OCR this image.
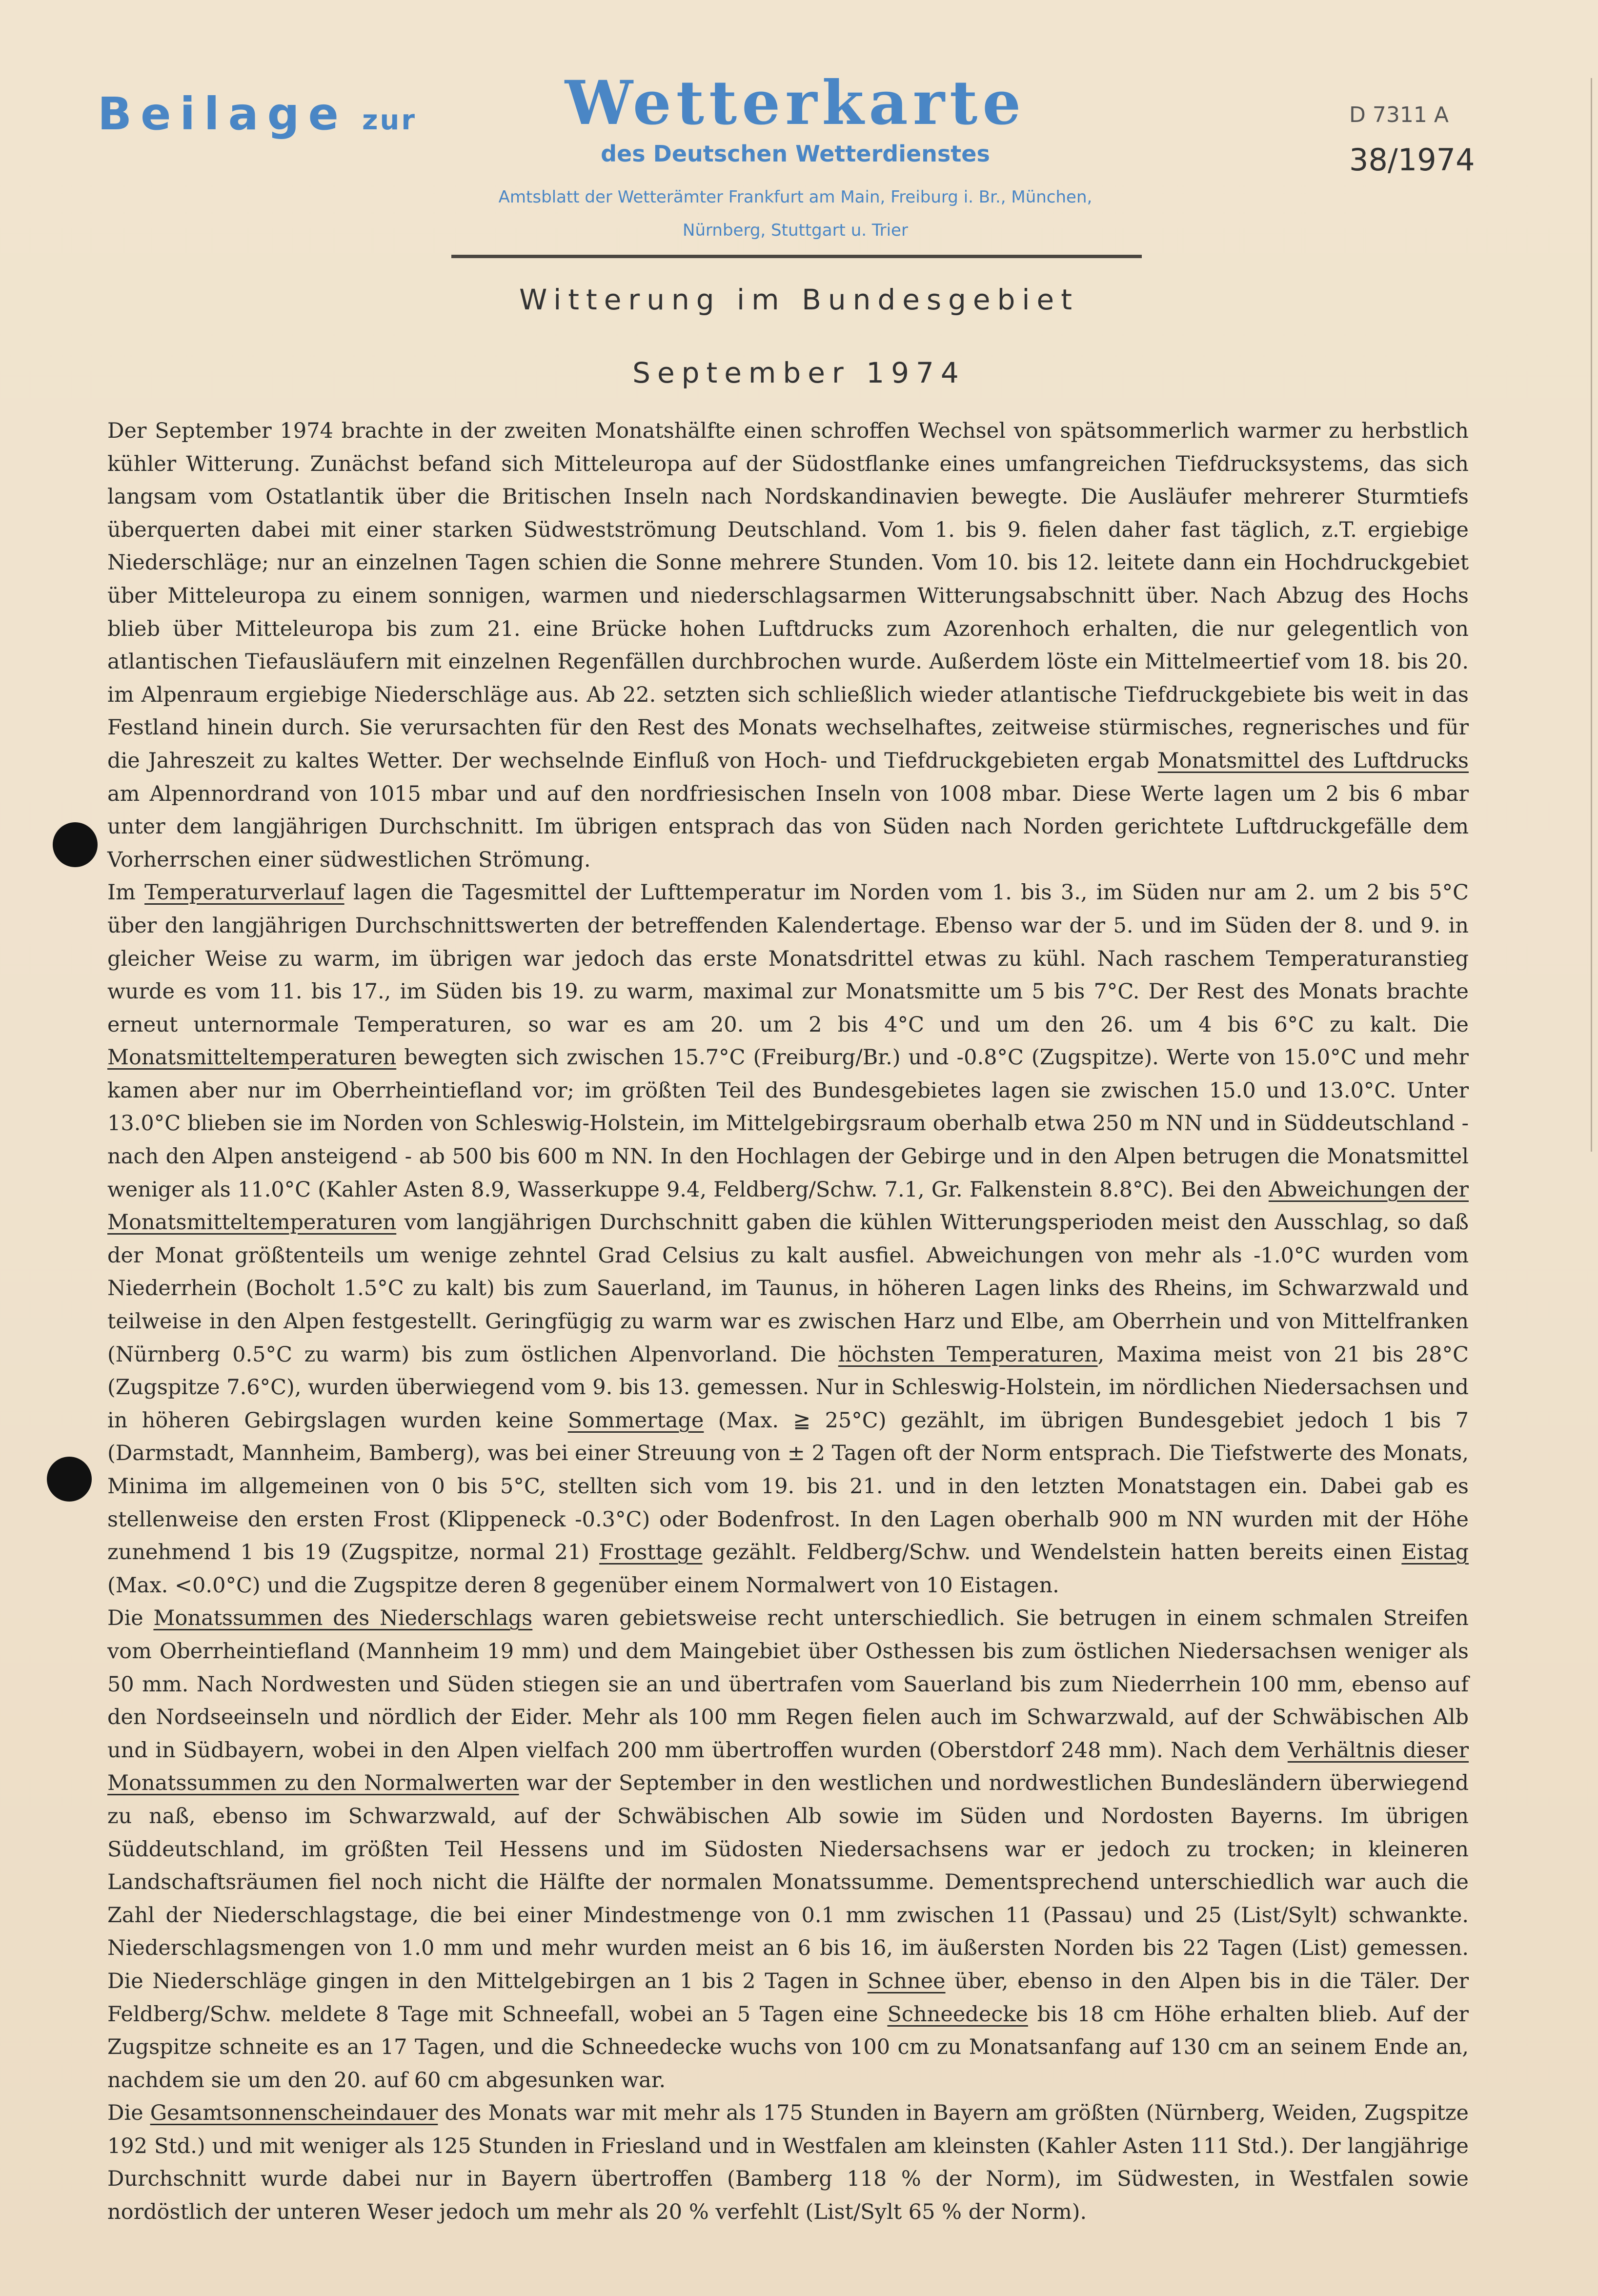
Beilage zur	Wetterkarte
des Deutschen Wetterdienstes
Amtsblatt der Wetterämter Frankfurt am Main, Freiburg i. Br., München,
Nürnberg, Stuttgart u. Trier
D 7311 A
38/1974
Witterung im Bundesgebiet
September 1974

Der September 1974 brachte in der zweiten Monatshälfte einen schroffen Wechsel von spätsommerlich warmer zu herbstlich kühler Witterung. Zunächst befand sich Mitteleuropa auf der Südostflanke eines umfangreichen Tiefdrucksystems, das sich langsam vom Ostatlantik über die Britischen Inseln nach Nordskandinavien bewegte. Die Ausläufer mehrerer Sturmtiefs überquerten dabei mit einer starken Südwestströmung Deutschland. Vom 1. bis 9. fielen daher fast täglich, z.T. ergiebige Niederschläge; nur an einzelnen Tagen schien die Sonne mehrere Stunden. Vom 10. bis 12. leitete dann ein Hochdruckgebiet über Mitteleuropa zu einem sonnigen, warmen und niederschlagsarmen Witterungsabschnitt über. Nach Abzug des Hochs blieb über Mitteleuropa bis zum 21. eine Brücke hohen Luftdrucks zum Azorenhoch erhalten, die nur gelegentlich von atlantischen Tiefausläufern mit einzelnen Regenfällen durchbrochen wurde. Außerdem löste ein Mittelmeertief vom 18. bis 20. im Alpenraum ergiebige Niederschläge aus. Ab 22. setzten sich schließlich wieder atlantische Tiefdruckgebiete bis weit in das Festland hinein durch. Sie verursachten für den Rest des Monats wechselhaftes, zeitweise stürmisches, regnerisches und für die Jahreszeit zu kaltes Wetter. Der wechselnde Einfluß von Hoch- und Tiefdruckgebieten ergab Monatsmittel des Luftdrucks am Alpennordrand von 1015 mbar und auf den nordfriesischen Inseln von 1008 mbar. Diese Werte lagen um 2 bis 6 mbar unter dem langjährigen Durchschnitt. Im übrigen entsprach das von Süden nach Norden gerichtete Luftdruckgefälle dem Vorherrschen einer südwestlichen Strömung.

Im Temperaturverlauf lagen die Tagesmittel der Lufttemperatur im Norden vom 1. bis 3., im Süden nur am 2. um 2 bis 5°C über den langjährigen Durchschnittswerten der betreffenden Kalendertage. Ebenso war der 5. und im Süden der 8. und 9. in gleicher Weise zu warm, im übrigen war jedoch das erste Monatsdrittel etwas zu kühl. Nach raschem Temperaturanstieg wurde es vom 11. bis 17., im Süden bis 19. zu warm, maximal zur Monatsmitte um 5 bis 7°C. Der Rest des Monats brachte erneut unternormale Temperaturen, so war es am 20. um 2 bis 4°C und um den 26. um 4 bis 6°C zu kalt. Die Monatsmitteltemperaturen bewegten sich zwischen 15.7°C (Freiburg/Br.) und -0.8°C (Zugspitze). Werte von 15.0°C und mehr kamen aber nur im Oberrheintiefland vor; im größten Teil des Bundesgebietes lagen sie zwischen 15.0 und 13.0°C. Unter 13.0°C blieben sie im Norden von Schleswig-Holstein, im Mittelgebirgsraum oberhalb etwa 250 m NN und in Süddeutschland - nach den Alpen ansteigend - ab 500 bis 600 m NN. In den Hochlagen der Gebirge und in den Alpen betrugen die Monatsmittel weniger als 11.0°C (Kahler Asten 8.9, Wasserkuppe 9.4, Feldberg/Schw. 7.1, Gr. Falkenstein 8.8°C). Bei den Abweichungen der Monatsmitteltemperaturen vom langjährigen Durchschnitt gaben die kühlen Witterungsperioden meist den Ausschlag, so daß der Monat größtenteils um wenige zehntel Grad Celsius zu kalt ausfiel. Abweichungen von mehr als -1.0°C wurden vom Niederrhein (Bocholt 1.5°C zu kalt) bis zum Sauerland, im Taunus, in höheren Lagen links des Rheins, im Schwarzwald und teilweise in den Alpen festgestellt. Geringfügig zu warm war es zwischen Harz und Elbe, am Oberrhein und von Mittelfranken (Nürnberg 0.5°C zu warm) bis zum östlichen Alpenvorland. Die höchsten Temperaturen, Maxima meist von 21 bis 28°C (Zugspitze 7.6°C), wurden überwiegend vom 9. bis 13. gemessen. Nur in Schleswig-Holstein, im nördlichen Niedersachsen und in höheren Gebirgslagen wurden keine Sommertage (Max. ≧ 25°C) gezählt, im übrigen Bundesgebiet jedoch 1 bis 7 (Darmstadt, Mannheim, Bamberg), was bei einer Streuung von ± 2 Tagen oft der Norm entsprach. Die Tiefstwerte des Monats, Minima im allgemeinen von 0 bis 5°C, stellten sich vom 19. bis 21. und in den letzten Monatstagen ein. Dabei gab es stellenweise den ersten Frost (Klippeneck -0.3°C) oder Bodenfrost. In den Lagen oberhalb 900 m NN wurden mit der Höhe zunehmend 1 bis 19 (Zugspitze, normal 21) Frosttage gezählt. Feldberg/Schw. und Wendelstein hatten bereits einen Eistag (Max. <0.0°C) und die Zugspitze deren 8 gegenüber einem Normalwert von 10 Eistagen.

Die Monatssummen des Niederschlags waren gebietsweise recht unterschiedlich. Sie betrugen in einem schmalen Streifen vom Oberrheintiefland (Mannheim 19 mm) und dem Maingebiet über Osthessen bis zum östlichen Niedersachsen weniger als 50 mm. Nach Nordwesten und Süden stiegen sie an und übertrafen vom Sauerland bis zum Niederrhein 100 mm, ebenso auf den Nordseeinseln und nördlich der Eider. Mehr als 100 mm Regen fielen auch im Schwarzwald, auf der Schwäbischen Alb und in Südbayern, wobei in den Alpen vielfach 200 mm übertroffen wurden (Oberstdorf 248 mm). Nach dem Verhältnis dieser Monatssummen zu den Normalwerten war der September in den westlichen und nordwestlichen Bundesländern überwiegend zu naß, ebenso im Schwarzwald, auf der Schwäbischen Alb sowie im Süden und Nordosten Bayerns. Im übrigen Süddeutschland, im größten Teil Hessens und im Südosten Niedersachsens war er jedoch zu trocken; in kleineren Landschaftsräumen fiel noch nicht die Hälfte der normalen Monatssumme. Dementsprechend unterschiedlich war auch die Zahl der Niederschlagstage, die bei einer Mindestmenge von 0.1 mm zwischen 11 (Passau) und 25 (List/Sylt) schwankte. Niederschlagsmengen von 1.0 mm und mehr wurden meist an 6 bis 16, im äußersten Norden bis 22 Tagen (List) gemessen. Die Niederschläge gingen in den Mittelgebirgen an 1 bis 2 Tagen in Schnee über, ebenso in den Alpen bis in die Täler. Der Feldberg/Schw. meldete 8 Tage mit Schneefall, wobei an 5 Tagen eine Schneedecke bis 18 cm Höhe erhalten blieb. Auf der Zugspitze schneite es an 17 Tagen, und die Schneedecke wuchs von 100 cm zu Monatsanfang auf 130 cm an seinem Ende an, nachdem sie um den 20. auf 60 cm abgesunken war.

Die Gesamtsonnenscheindauer des Monats war mit mehr als 175 Stunden in Bayern am größten (Nürnberg, Weiden, Zugspitze 192 Std.) und mit weniger als 125 Stunden in Friesland und in Westfalen am kleinsten (Kahler Asten 111 Std.). Der langjährige Durchschnitt wurde dabei nur in Bayern übertroffen (Bamberg 118 % der Norm), im Südwesten, in Westfalen sowie nordöstlich der unteren Weser jedoch um mehr als 20 % verfehlt (List/Sylt 65 % der Norm).
